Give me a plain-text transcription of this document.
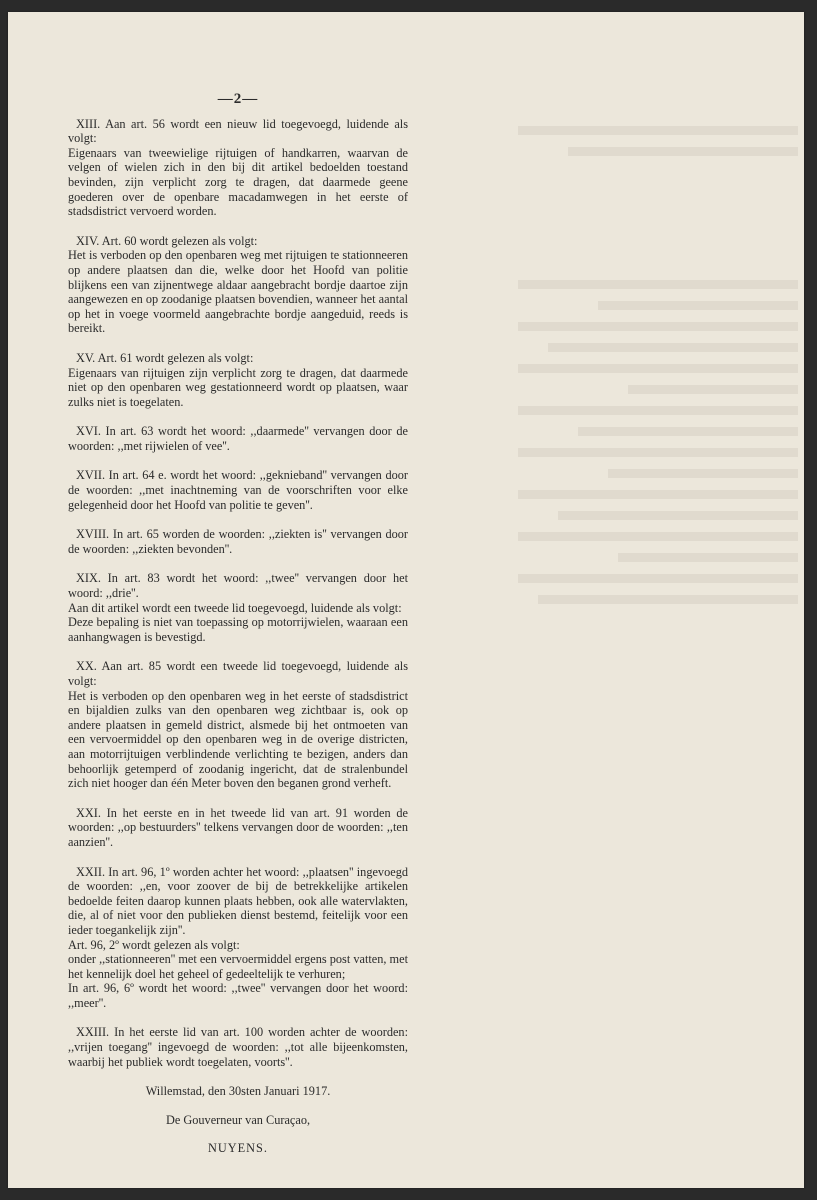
—2—

XIII. Aan art. 56 wordt een nieuw lid toegevoegd, luidende als volgt:

Eigenaars van tweewielige rijtuigen of handkarren, waarvan de velgen of wielen zich in den bij dit artikel bedoelden toestand bevinden, zijn verplicht zorg te dragen, dat daarmede geene goederen over de openbare macadamwegen in het eerste of stadsdistrict vervoerd worden.

XIV. Art. 60 wordt gelezen als volgt:

Het is verboden op den openbaren weg met rijtuigen te stationneeren op andere plaatsen dan die, welke door het Hoofd van politie blijkens een van zijnentwege aldaar aangebracht bordje daartoe zijn aangewezen en op zoodanige plaatsen bovendien, wanneer het aantal op het in voege voormeld aangebrachte bordje aangeduid, reeds is bereikt.

XV. Art. 61 wordt gelezen als volgt:

Eigenaars van rijtuigen zijn verplicht zorg te dragen, dat daarmede niet op den openbaren weg gestationneerd wordt op plaatsen, waar zulks niet is toegelaten.

XVI. In art. 63 wordt het woord: ,,daarmede'' vervangen door de woorden: ,,met rijwielen of vee''.

XVII. In art. 64 e. wordt het woord: ,,geknieband'' vervangen door de woorden: ,,met inachtneming van de voorschriften voor elke gelegenheid door het Hoofd van politie te geven''.

XVIII. In art. 65 worden de woorden: ,,ziekten is'' vervangen door de woorden: ,,ziekten bevonden''.

XIX. In art. 83 wordt het woord: ,,twee'' vervangen door het woord: ,,drie''.

Aan dit artikel wordt een tweede lid toegevoegd, luidende als volgt:

Deze bepaling is niet van toepassing op motorrijwielen, waaraan een aanhangwagen is bevestigd.

XX. Aan art. 85 wordt een tweede lid toegevoegd, luidende als volgt:

Het is verboden op den openbaren weg in het eerste of stadsdistrict en bijaldien zulks van den openbaren weg zichtbaar is, ook op andere plaatsen in gemeld district, alsmede bij het ontmoeten van een vervoermiddel op den openbaren weg in de overige districten, aan motorrijtuigen verblindende verlichting te bezigen, anders dan behoorlijk getemperd of zoodanig ingericht, dat de stralenbundel zich niet hooger dan één Meter boven den beganen grond verheft.

XXI. In het eerste en in het tweede lid van art. 91 worden de woorden: ,,op bestuurders'' telkens vervangen door de woorden: ,,ten aanzien''.

XXII. In art. 96, 1º worden achter het woord: ,,plaatsen'' ingevoegd de woorden: ,,en, voor zoover de bij de betrekkelijke artikelen bedoelde feiten daarop kunnen plaats hebben, ook alle watervlakten, die, al of niet voor den publieken dienst bestemd, feitelijk voor een ieder toegankelijk zijn''.

Art. 96, 2º wordt gelezen als volgt:

onder ,,stationneeren'' met een vervoermiddel ergens post vatten, met het kennelijk doel het geheel of gedeeltelijk te verhuren;

In art. 96, 6º wordt het woord: ,,twee'' vervangen door het woord: ,,meer''.

XXIII. In het eerste lid van art. 100 worden achter de woorden: ,,vrijen toegang'' ingevoegd de woorden: ,,tot alle bijeenkomsten, waarbij het publiek wordt toegelaten, voorts''.

Willemstad, den 30sten Januari 1917.

De Gouverneur van Curaçao,

NUYENS.
